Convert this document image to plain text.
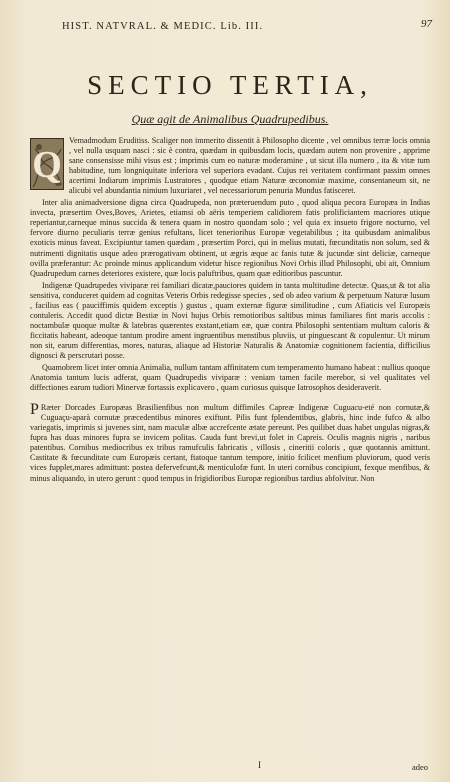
HIST. NATVRAL. & MEDIC. Lib. III.	97
SECTIO TERTIA,
Quæ agit de Animalibus Quadrupedibus.

Q
Vemadmodum Eruditiss. Scaliger non immerito dissentit à Philosopho dicente , vel omnibus terræ locis omnia , vel nulla usquam nasci : sic è contra, quædam in quibusdam locis, quædam autem non provenire , apprime sane consensisse mihi visus est ; imprimis cum eo naturæ moderamine , ut sicut illa numero , ita & vitæ tum habitudine, tum longniquitate inferiora vel superiora evadant. Cujus rei veritatem confirmant passim omnes acertimi Indiarum imprimis Lustratores , quodque etiam Naturæ œconomiæ maxime, consentaneum sit, ne alicubi vel abundantia nimium luxuriaret , vel necessariorum penuria Mundus fatisceret.

Inter alia animadversione digna circa Quadrupeda, non præteruendum puto , quod aliqua pecora Europæa in Indias invecta, præsertim Oves,Boves, Arietes, etiamsi ob aëris temperiem calidiorem fatis prolificiantem macriores utique reperiantur,carneque minus succida & tenera quam in nostro quondam solo ; vel quia ex insueto frigore nocturno, vel fervore diurno peculiaris terræ genius refultans, licet teneriorihus Europæ vegetabilibus ; ita quibusdam animalibus exoticis minus faveat. Excipiuntur tamen quædam , præsertim Porci, qui in melius mutati, fœcunditatis non solum, sed & nutrimenti dignitatis usque adeo prærogativam obtinent, ut ægris æque ac fanis tutæ & jucundæ sint deliciæ, carneque ovilla præferantur: Ac proinde minus applicandum videtur hisce regionibus Novi Orbis illud Philosophi, ubi ait, Omnium Quadrupedum carnes deteriores existere, quæ locis paluftribus, quam quæ editioribus pascuntur.

Indigenæ Quadrupedes viviparæ rei familiari dicatæ,pauciores quidem in tanta multitudine detectæ. Quas,ut & tot alia sensitiva, conduceret quidem ad cognitas Veteris Orbis redegisse species , sed ob adeo varium & perpetuum Naturæ lusum , facilius eas ( pauciffimis quidem exceptis ) gustus , quam externæ figuræ similitudine , cum Afiaticis vel Europæis contuleris. Accedit quod dictæ Bestiæ in Novi hujus Orbis remotioribus saltibus minus familiares fint maris accolis : noctambulæ quoque multæ & latebras quærentes exstant,etiam eæ, quæ contra Philosophi sententiam multum caloris & ficcitatis habeant, adeoque tantum prodire ament ingruentibus menstibus pluviis, ut pinguescant & copulentur. Ut mirum non sit, earum differentias, mores, naturas, aliaque ad Historiæ Naturalis & Anatomiæ cognitionem facientia, difficilius dignosci & perscrutari posse.

Quamobrem licet inter omnia Animalia, nullum tantam affinitatem cum temperamento humano habeat : nullius quoque Anatomia tantum lucis adferat, quam Quadrupedis viviparæ : veniam tamen facile merebor, si vel qualitates vel diffectiones earum tudiori Minervæ fortassis explicavero , quam curiosus quisque Iatrosophos desideraverit.

P Ræter Dorcades Europæas Brasilienfibus non multum diffimiles Capreæ Indigenæ Cuguacu-eté non cornutæ,& Cuguaçu-aparà cornutæ præcedentibus minores exiftunt. Pilis funt fplendentibus, glabris, hinc inde fufco & albo variegatis, imprimis si juvenes sint, nam maculæ albæ accrefcente ætate pereunt. Pes quilibet duas habet ungulas nigras,& fupra has duas minores fupra se invicem politas. Cauda funt brevi,ut folet in Capreis. Oculis magnis nigris , naribus patentibus. Cornibus mediocribus ex tribus ramufculis fabricatis , villosis , cineritii coloris , quæ quotannis amittunt. Castitate & fœcunditate cum Europæis certant, ftatoque tantum tempore, initio fcilicet menfium pluviorum, quod veris vices fupplet,mares admittunt: postea defervefcunt,& menticulofæ funt. In uteri cornibus concipiunt, fexque menfibus, & minus aliquando, in utero gerunt : quod tempus in frigidioribus Europæ regionibus tardius abfolvitur. Non

I	adeo
